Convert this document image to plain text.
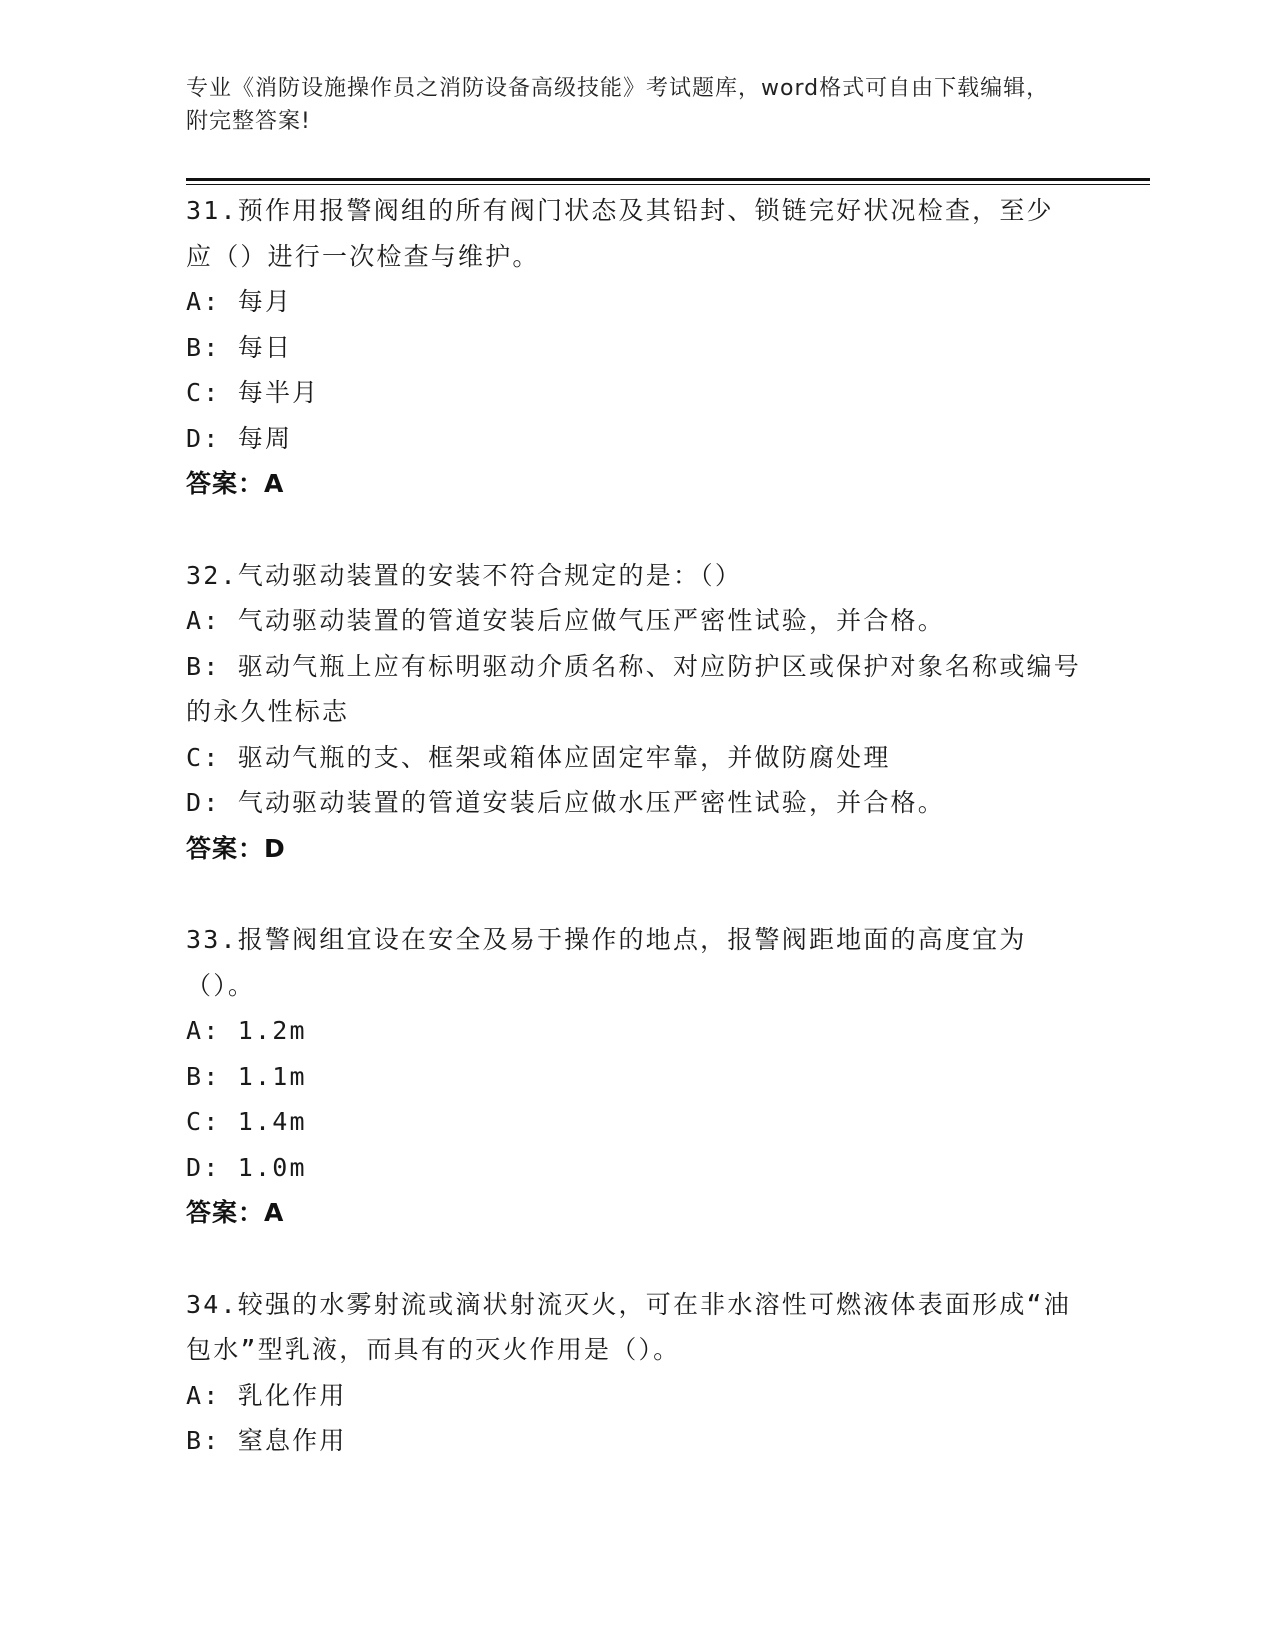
专业《消防设施操作员之消防设备高级技能》考试题库，word格式可自由下载编辑，附完整答案!
31.预作用报警阀组的所有阀门状态及其铅封、锁链完好状况检查，至少应（）进行一次检查与维护。
A: 每月
B: 每日
C: 每半月
D: 每周
答案：A
32.气动驱动装置的安装不符合规定的是：（）
A: 气动驱动装置的管道安装后应做气压严密性试验，并合格。
B: 驱动气瓶上应有标明驱动介质名称、对应防护区或保护对象名称或编号的永久性标志
C: 驱动气瓶的支、框架或箱体应固定牢靠，并做防腐处理
D: 气动驱动装置的管道安装后应做水压严密性试验，并合格。
答案：D
33.报警阀组宜设在安全及易于操作的地点，报警阀距地面的高度宜为（）。
A: 1.2m
B: 1.1m
C: 1.4m
D: 1.0m
答案：A
34.较强的水雾射流或滴状射流灭火，可在非水溶性可燃液体表面形成“油包水”型乳液，而具有的灭火作用是（）。
A: 乳化作用
B: 窒息作用
